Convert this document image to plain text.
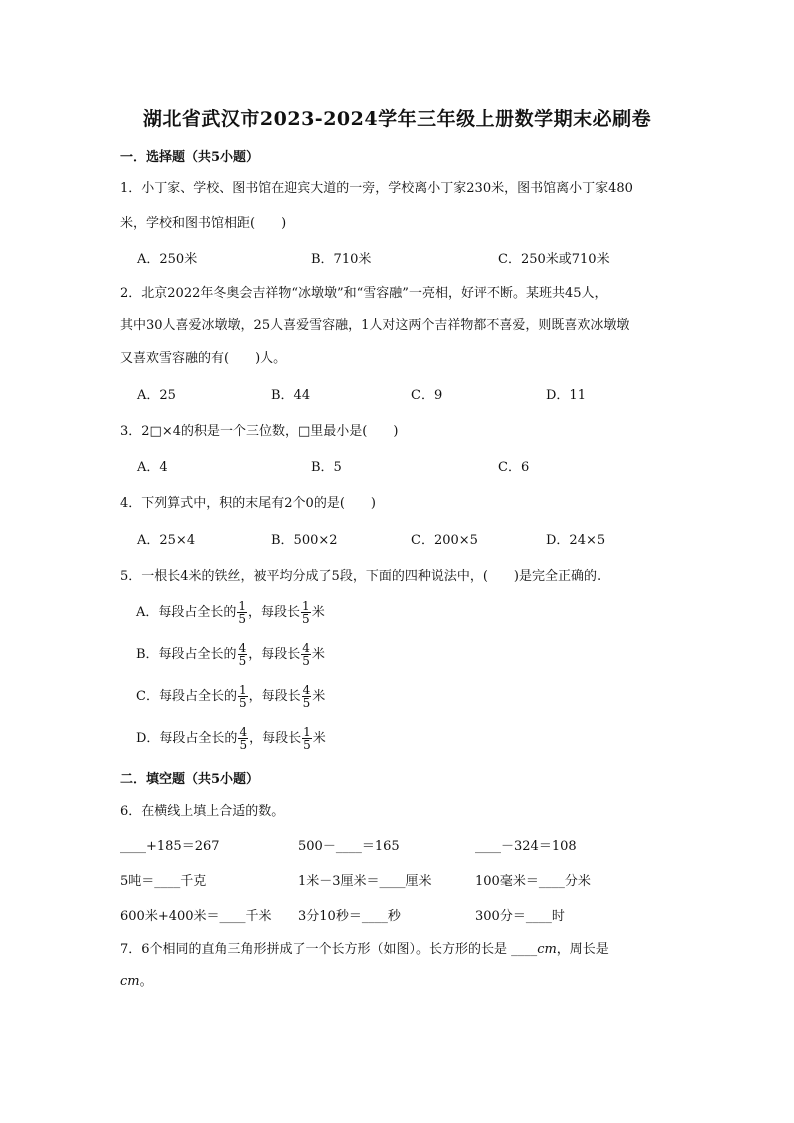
湖北省武汉市2023-2024学年三年级上册数学期末必刷卷
一．选择题（共5小题）
1．小丁家、学校、图书馆在迎宾大道的一旁，学校离小丁家230米，图书馆离小丁家480
米，学校和图书馆相距(　　)
A．250米	B．710米	C．250米或710米
2．北京2022年冬奥会吉祥物“冰墩墩”和“雪容融”一亮相，好评不断。某班共45人，
其中30人喜爱冰墩墩，25人喜爱雪容融，1人对这两个吉祥物都不喜爱，则既喜欢冰墩墩
又喜欢雪容融的有(　　)人。
A．25	B．44	C．9	D．11
3．2□×4的积是一个三位数，□里最小是(　　)
A．4	B．5	C．6
4．下列算式中，积的末尾有2个0的是(　　)
A．25×4	B．500×2	C．200×5	D．24×5
5．一根长4米的铁丝，被平均分成了5段，下面的四种说法中，(　　)是完全正确的.
A．每段占全长的 $\frac{1}{5}$ ，每段长 $\frac{1}{5}$ 米
B．每段占全长的 $\frac{4}{5}$ ，每段长 $\frac{4}{5}$ 米
C．每段占全长的 $\frac{1}{5}$ ，每段长 $\frac{4}{5}$ 米
D．每段占全长的 $\frac{4}{5}$ ，每段长 $\frac{1}{5}$ 米
二．填空题（共5小题）
6．在横线上填上合适的数。
____+185＝267	500－____＝165	____－324＝108
5吨＝____千克	1米－3厘米＝____厘米	100毫米＝____分米
600米+400米＝____千米 3分10秒＝____秒	300分＝____时
7．6个相同的直角三角形拼成了一个长方形（如图）。长方形的长是 ____cm，周长是
cm。
